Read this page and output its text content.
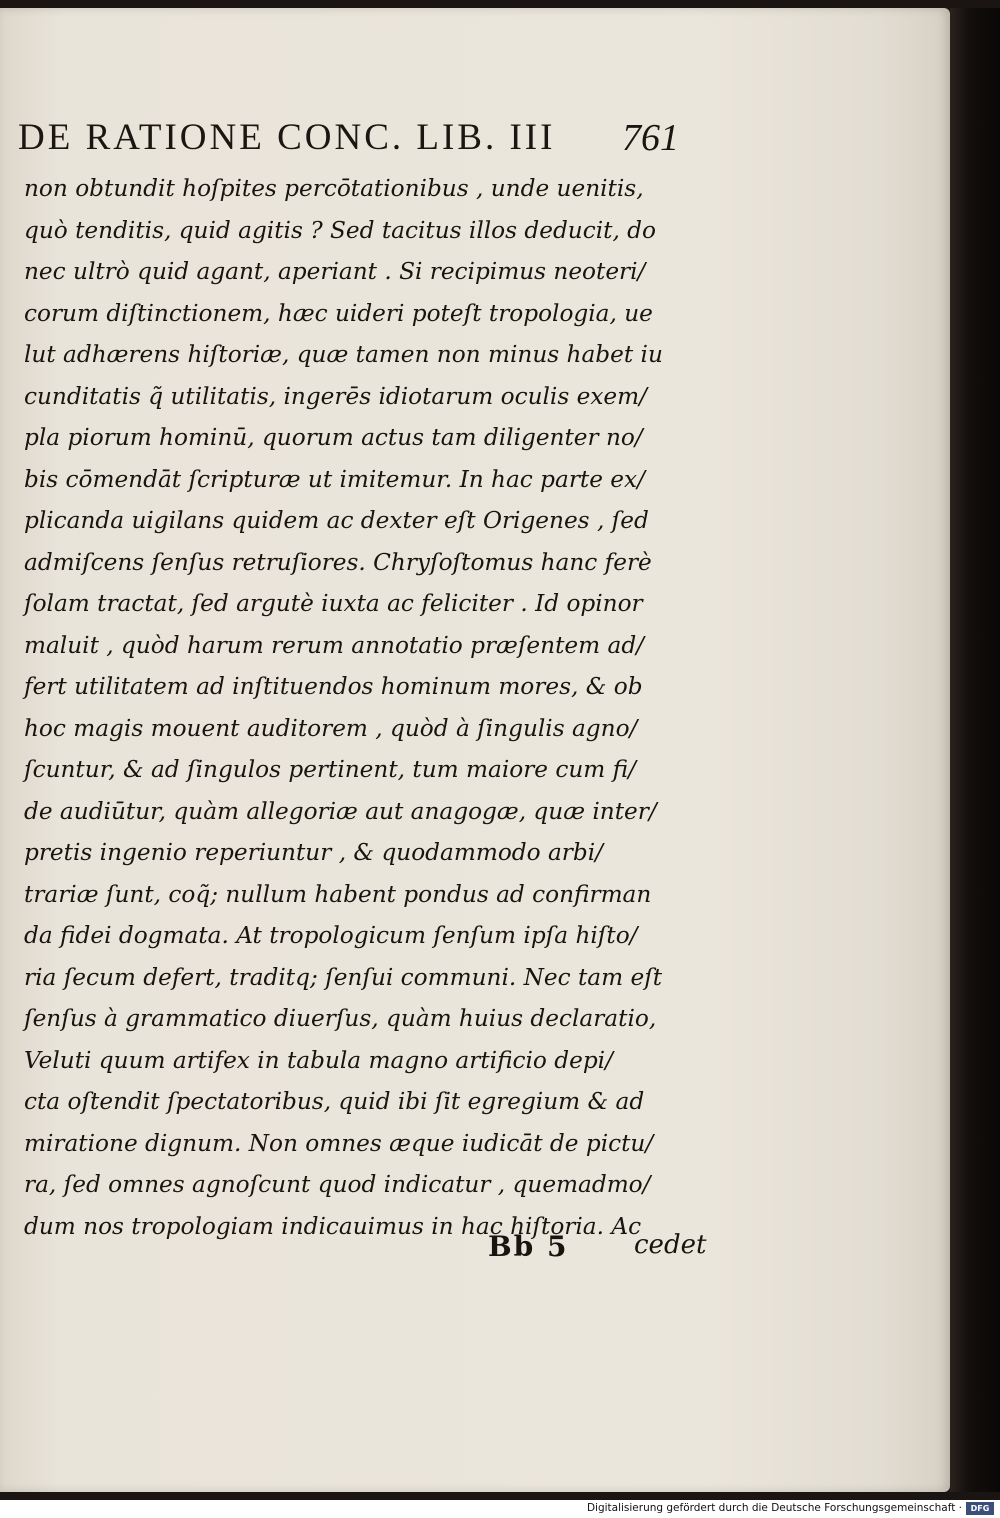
DE RATIONE CONC. LIB. III 761
non obtundit hoſpites percōtationibus , unde uenitis,
quò tenditis, quid agitis ? Sed tacitus illos deducit, do
nec ultrò quid agant, aperiant . Si recipimus neoteri/
corum diſtinctionem, hæc uideri poteſt tropologia, ue
lut adhærens hiſtoriæ, quæ tamen non minus habet iu
cunditatis q̃ utilitatis, ingerēs idiotarum oculis exem/
pla piorum hominū, quorum actus tam diligenter no/
bis cōmendāt ſcripturæ ut imitemur. In hac parte ex/
plicanda uigilans quidem ac dexter eſt Origenes , ſed
admiſcens ſenſus retruſiores. Chryſoſtomus hanc ferè
ſolam tractat, ſed argutè iuxta ac feliciter . Id opinor
maluit , quòd harum rerum annotatio præſentem ad/
fert utilitatem ad inſtituendos hominum mores, & ob
hoc magis mouent auditorem , quòd à ſingulis agno/
ſcuntur, & ad ſingulos pertinent, tum maiore cum fi/
de audiūtur, quàm allegoriæ aut anagogæ, quæ inter/
pretis ingenio reperiuntur , & quodammodo arbi/
trariæ ſunt, coq̃; nullum habent pondus ad confirman
da fidei dogmata. At tropologicum ſenſum ipſa hiſto/
ria ſecum defert, traditq; ſenſui communi. Nec tam eſt
ſenſus à grammatico diuerſus, quàm huius declaratio,
Veluti quum artifex in tabula magno artificio depi/
cta oſtendit ſpectatoribus, quid ibi ſit egregium & ad
miratione dignum. Non omnes æque iudicāt de pictu/
ra, ſed omnes agnoſcunt quod indicatur , quemadmo/
dum nos tropologiam indicauimus in hac hiſtoria. Ac
Bb 5	cedet
Digitalisierung gefördert durch die Deutsche Forschungsgemeinschaft ·	DFG
